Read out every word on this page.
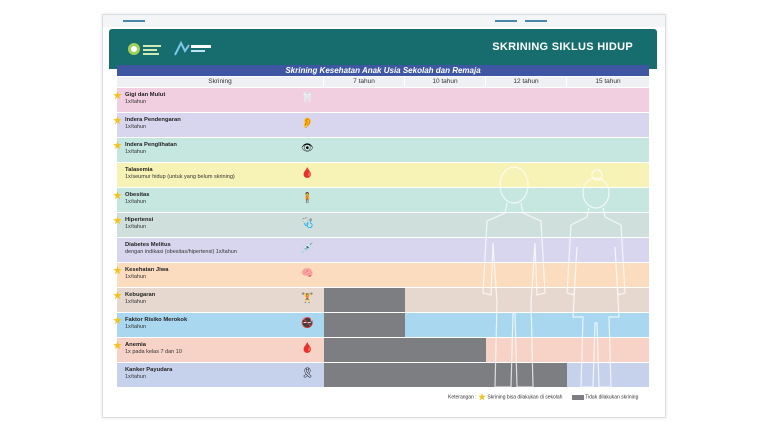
SKRINING SIKLUS HIDUP
Skrining Kesehatan Anak Usia Sekolah dan Remaja
Skrining	7 tahun	10 tahun	12 tahun	15 tahun
Gigi dan Mulut
1x/tahun	🦷
Indera Pendengaran
1x/tahun	👂
Indera Penglihatan
1x/tahun	👁
Talasemia
1x/seumur hidup (untuk yang belum skrining)	🩸
Obesitas
1x/tahun	🧍
Hipertensi
1x/tahun	🩺
Diabetes Melitus
dengan indikasi (obesitas/hipertensi) 1x/tahun	💉
Kesehatan Jiwa
1x/tahun	🧠
Kebugaran
1x/tahun	🏋
Faktor Risiko Merokok
1x/tahun	🚭
Anemia
1x pada kelas 7 dan 10	🩸
Kanker Payudara
1x/tahun	🎗
Keterangan : Skrining bisa dilakukan di sekolah	Tidak dilakukan skrining
